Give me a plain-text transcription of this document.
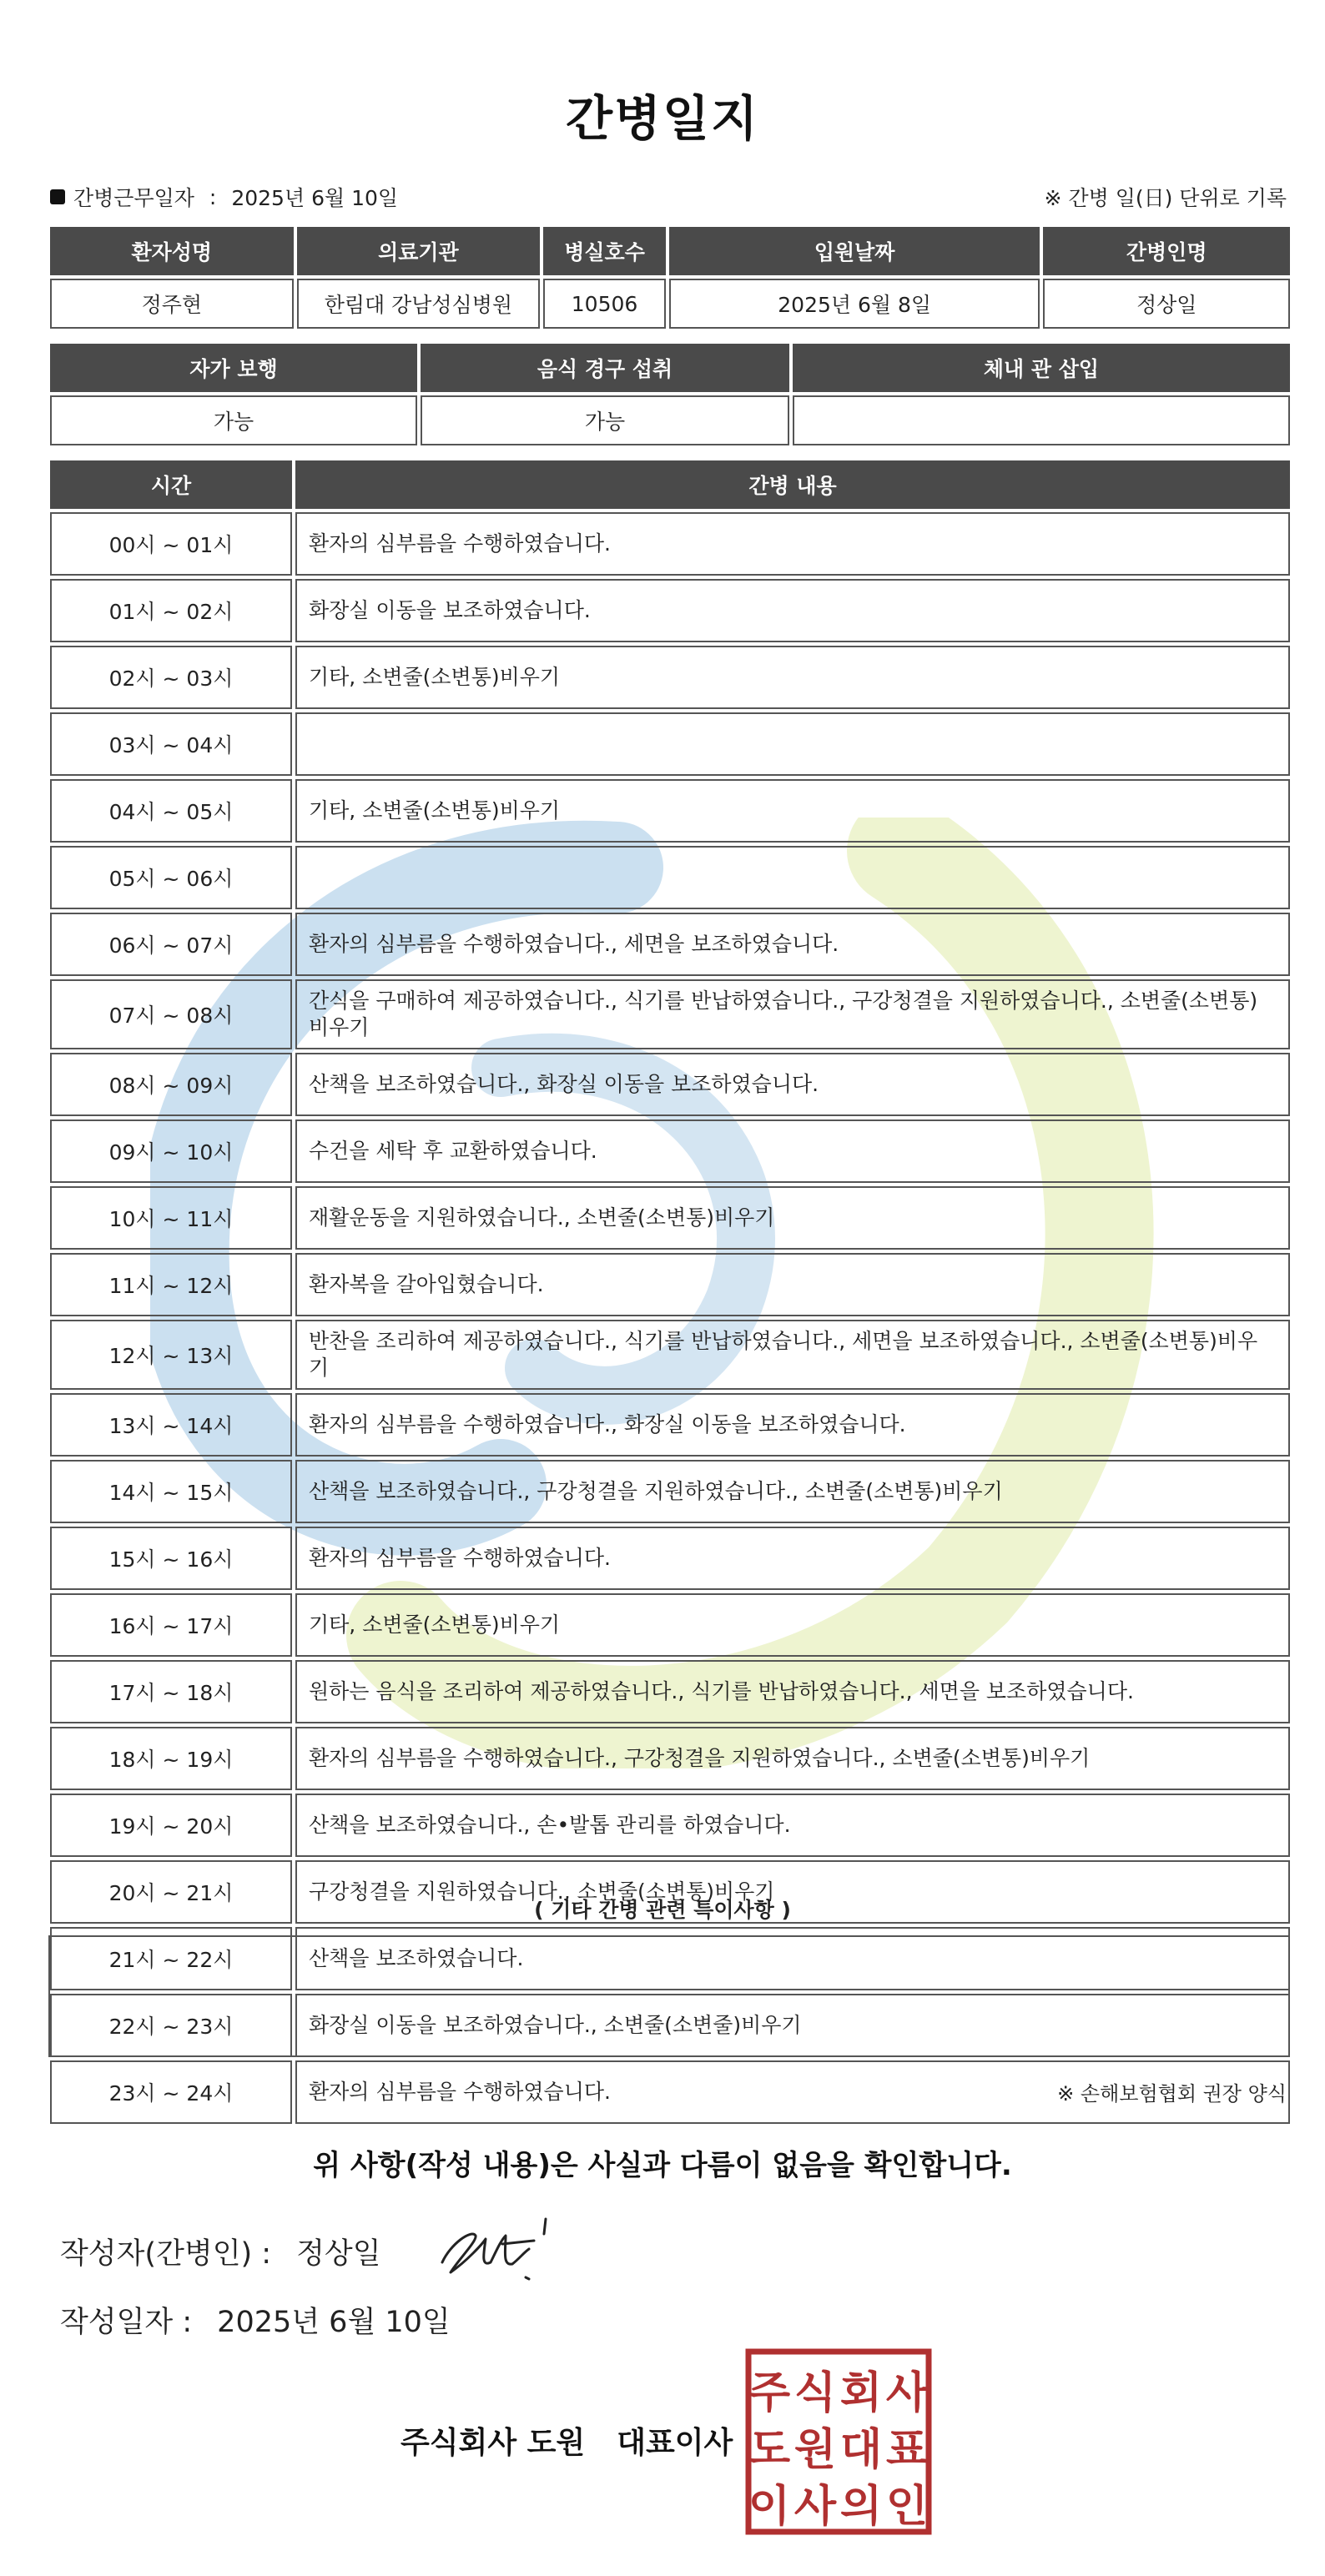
간병일지
간병근무일자 : 2025년 6월 10일	※ 간병 일(日) 단위로 기록
환자성명	의료기관	병실호수	입원날짜	간병인명
정주현	한림대 강남성심병원	10506	2025년 6월 8일	정상일
자가 보행	음식 경구 섭취	체내 관 삽입
가능	가능	
시간	간병 내용
00시 ~ 01시	환자의 심부름을 수행하였습니다.
01시 ~ 02시	화장실 이동을 보조하였습니다.
02시 ~ 03시	기타, 소변줄(소변통)비우기
03시 ~ 04시	
04시 ~ 05시	기타, 소변줄(소변통)비우기
05시 ~ 06시	
06시 ~ 07시	환자의 심부름을 수행하였습니다., 세면을 보조하였습니다.
07시 ~ 08시	간식을 구매하여 제공하였습니다., 식기를 반납하였습니다., 구강청결을 지원하였습니다., 소변줄(소변통)비우기
08시 ~ 09시	산책을 보조하였습니다., 화장실 이동을 보조하였습니다.
09시 ~ 10시	수건을 세탁 후 교환하였습니다.
10시 ~ 11시	재활운동을 지원하였습니다., 소변줄(소변통)비우기
11시 ~ 12시	환자복을 갈아입혔습니다.
12시 ~ 13시	반찬을 조리하여 제공하였습니다., 식기를 반납하였습니다., 세면을 보조하였습니다., 소변줄(소변통)비우기
13시 ~ 14시	환자의 심부름을 수행하였습니다., 화장실 이동을 보조하였습니다.
14시 ~ 15시	산책을 보조하였습니다., 구강청결을 지원하였습니다., 소변줄(소변통)비우기
15시 ~ 16시	환자의 심부름을 수행하였습니다.
16시 ~ 17시	기타, 소변줄(소변통)비우기
17시 ~ 18시	원하는 음식을 조리하여 제공하였습니다., 식기를 반납하였습니다., 세면을 보조하였습니다.
18시 ~ 19시	환자의 심부름을 수행하였습니다., 구강청결을 지원하였습니다., 소변줄(소변통)비우기
19시 ~ 20시	산책을 보조하였습니다., 손•발톱 관리를 하였습니다.
20시 ~ 21시	구강청결을 지원하였습니다., 소변줄(소변통)비우기
21시 ~ 22시	산책을 보조하였습니다.
22시 ~ 23시	화장실 이동을 보조하였습니다., 소변줄(소변줄)비우기
23시 ~ 24시	환자의 심부름을 수행하였습니다.
( 기타 간병 관련 특이사항 )
※ 손해보험협회 권장 양식
위 사항(작성 내용)은 사실과 다름이 없음을 확인합니다.
작성자(간병인) : 정상일
작성일자 : 2025년 6월 10일
주식회사 도원 대표이사
주 식 회 사
도 원 대 표
이 사 의 인
